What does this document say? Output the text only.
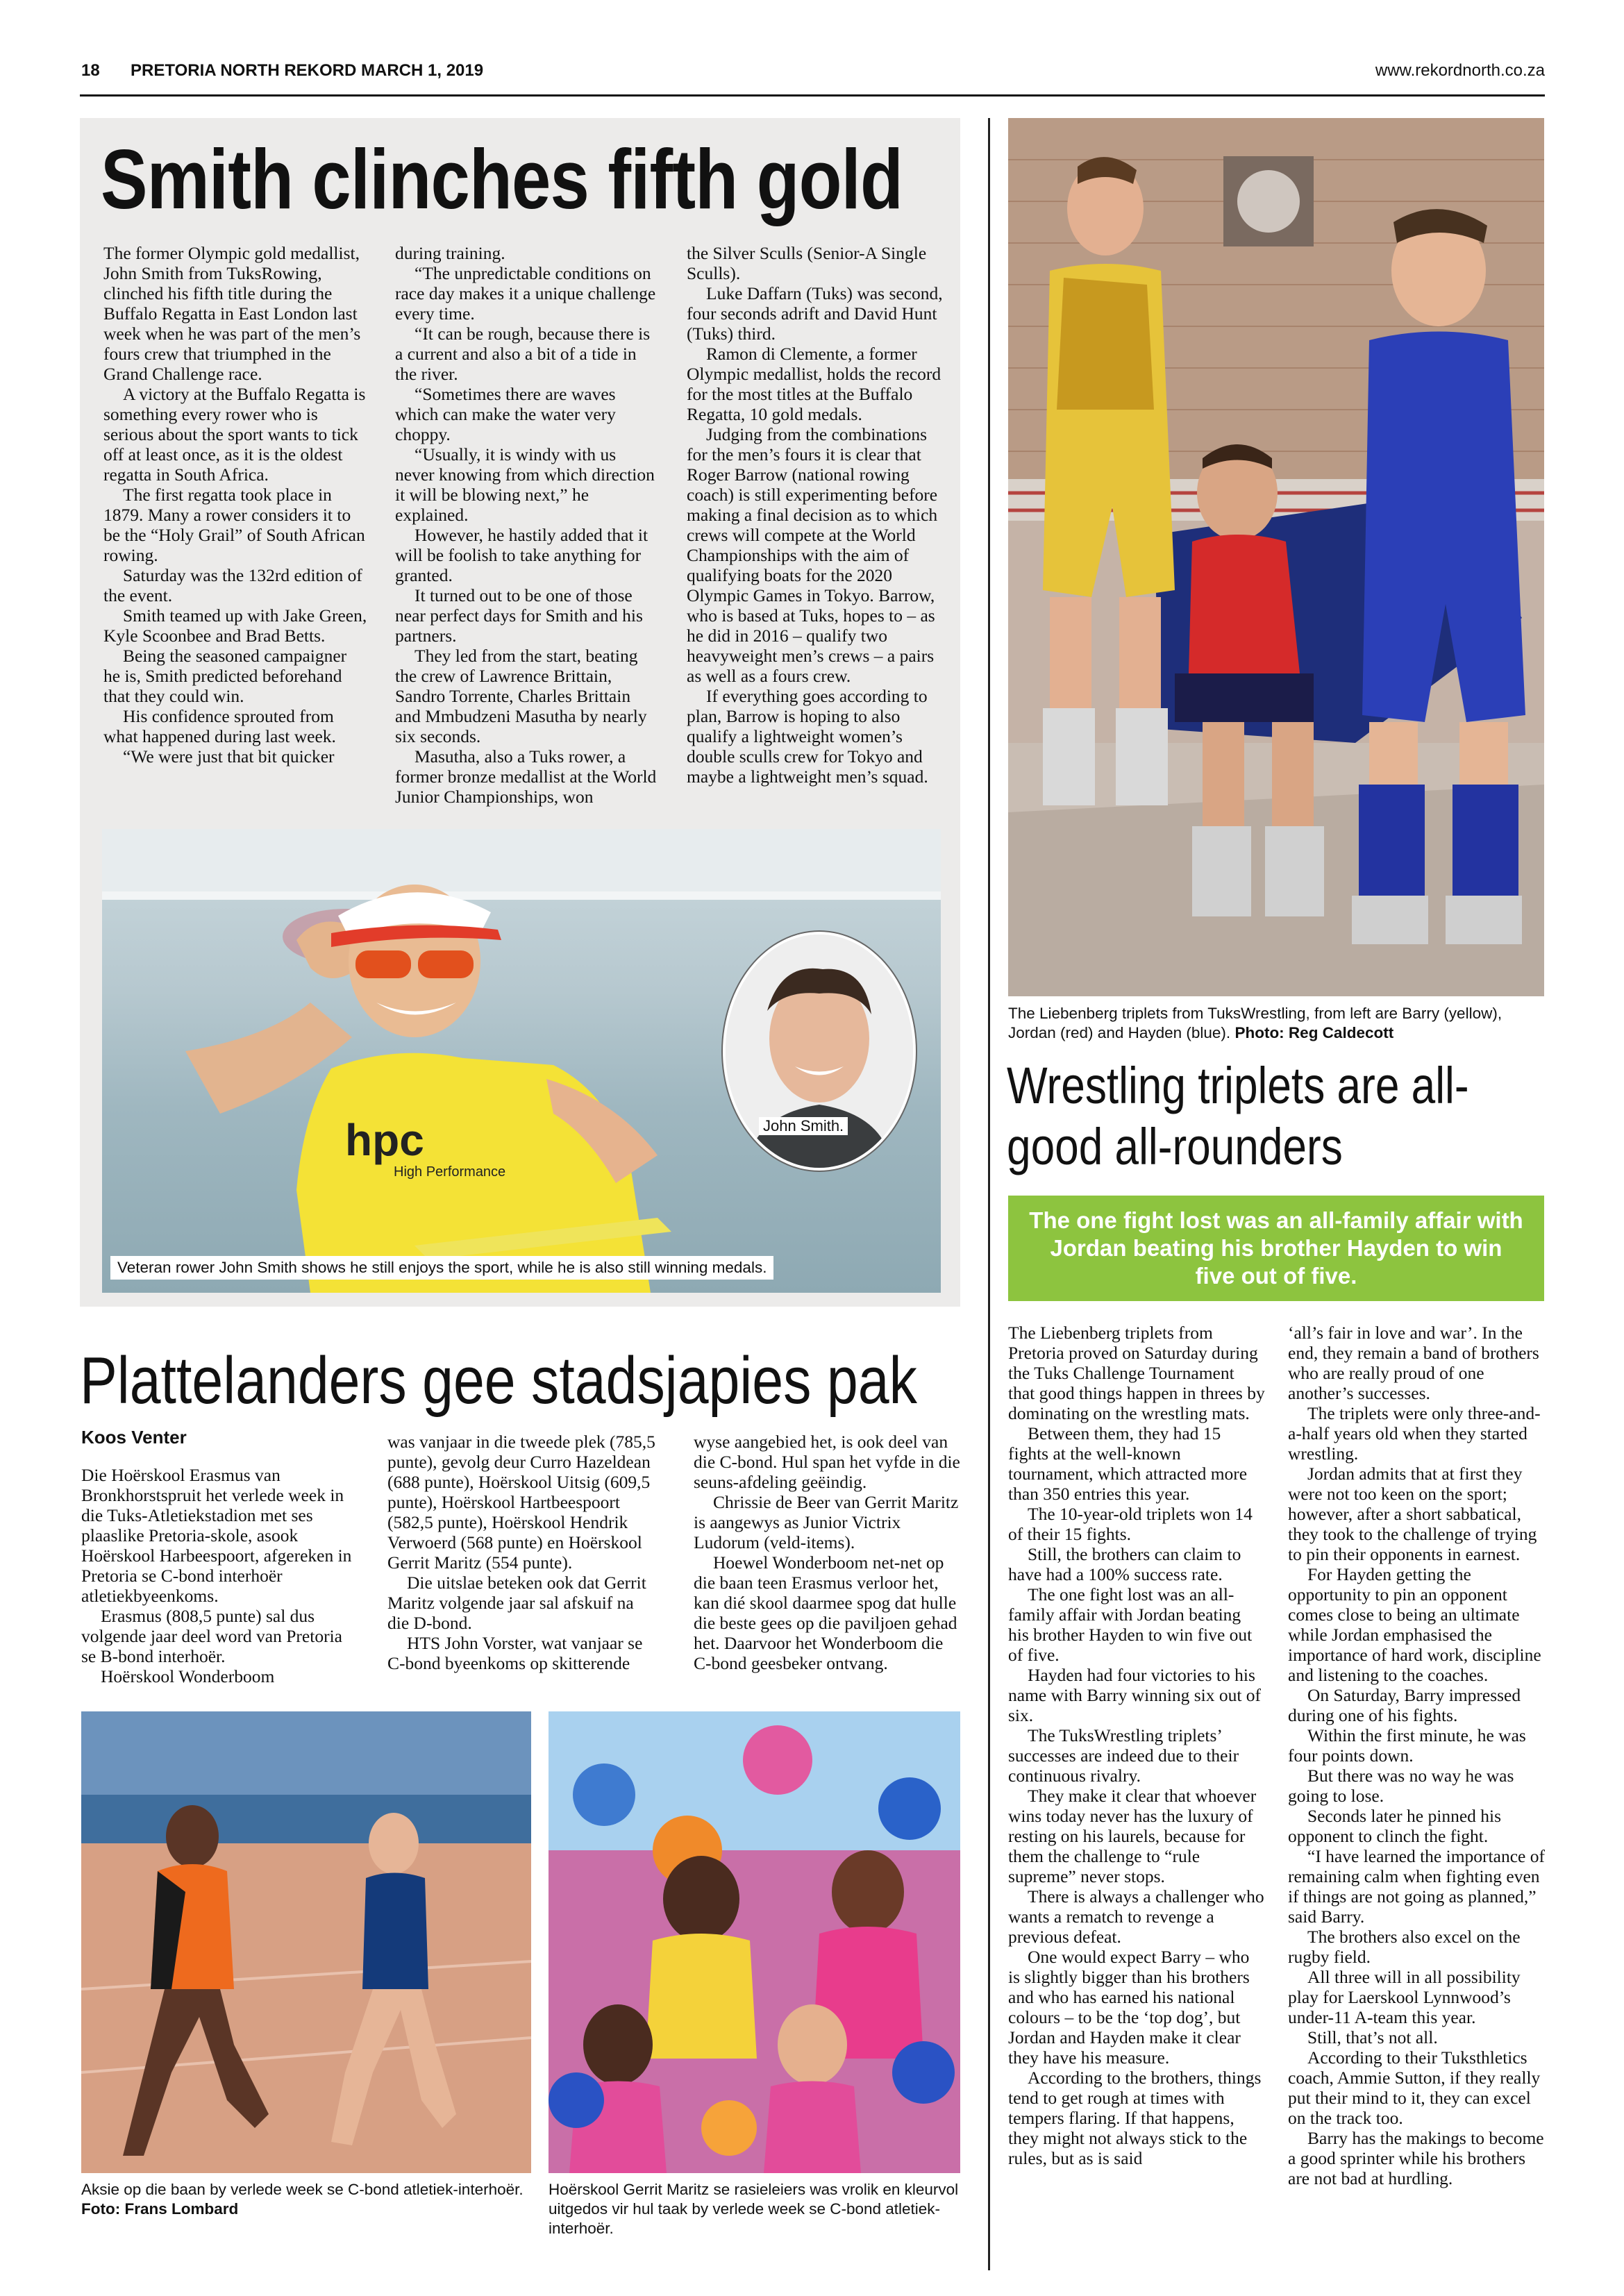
18 PRETORIA NORTH REKORD MARCH 1, 2019	www.rekordnorth.co.za
Smith clinches fifth gold

The former Olympic gold medallist, John Smith from TuksRowing, clinched his fifth title during the Buffalo Regatta in East London last week when he was part of the men’s fours crew that triumphed in the Grand Challenge race.

A victory at the Buffalo Regatta is something every rower who is serious about the sport wants to tick off at least once, as it is the oldest regatta in South Africa.

The first regatta took place in 1879. Many a rower considers it to be the “Holy Grail” of South African rowing.

Saturday was the 132rd edition of the event.

Smith teamed up with Jake Green, Kyle Scoonbee and Brad Betts.

Being the seasoned campaigner he is, Smith predicted beforehand that they could win.

His confidence sprouted from what happened during last week.

“We were just that bit quicker

during training.

“The unpredictable conditions on race day makes it a unique challenge every time.

“It can be rough, because there is a current and also a bit of a tide in the river.

“Sometimes there are waves which can make the water very choppy.

“Usually, it is windy with us never knowing from which direction it will be blowing next,” he explained.

However, he hastily added that it will be foolish to take anything for granted.

It turned out to be one of those near perfect days for Smith and his partners.

They led from the start, beating the crew of Lawrence Brittain, Sandro Torrente, Charles Brittain and Mmbudzeni Masutha by nearly six seconds.

Masutha, also a Tuks rower, a former bronze medallist at the World Junior Championships, won

the Silver Sculls (Senior-A Single Sculls).

Luke Daffarn (Tuks) was second, four seconds adrift and David Hunt (Tuks) third.

Ramon di Clemente, a former Olympic medallist, holds the record for the most titles at the Buffalo Regatta, 10 gold medals.

Judging from the combinations for the men’s fours it is clear that Roger Barrow (national rowing coach) is still experimenting before making a final decision as to which crews will compete at the World Championships with the aim of qualifying boats for the 2020 Olympic Games in Tokyo. Barrow, who is based at Tuks, hopes to – as he did in 2016 – qualify two heavyweight men’s crews – a pairs as well as a fours crew.

If everything goes according to plan, Barrow is hoping to also qualify a lightweight women’s double sculls crew for Tokyo and maybe a lightweight men’s squad.

hpc
High Performance
John Smith.
Veteran rower John Smith shows he still enjoys the sport, while he is also still winning medals.
The Liebenberg triplets from TuksWrestling, from left are Barry (yellow), Jordan (red) and Hayden (blue). Photo: Reg Caldecott
Wrestling triplets are all-good all-rounders
The one fight lost was an all-family affair with Jordan beating his brother Hayden to win five out of five.

The Liebenberg triplets from Pretoria proved on Saturday during the Tuks Challenge Tournament that good things happen in threes by dominating on the wrestling mats.

Between them, they had 15 fights at the well-known tournament, which attracted more than 350 entries this year.

The 10-year-old triplets won 14 of their 15 fights.

Still, the brothers can claim to have had a 100% success rate.

The one fight lost was an all-family affair with Jordan beating his brother Hayden to win five out of five.

Hayden had four victories to his name with Barry winning six out of six.

The TuksWrestling triplets’ successes are indeed due to their continuous rivalry.

They make it clear that whoever wins today never has the luxury of resting on his laurels, because for them the challenge to “rule supreme” never stops.

There is always a challenger who wants a rematch to revenge a previous defeat.

One would expect Barry – who is slightly bigger than his brothers and who has earned his national colours – to be the ‘top dog’, but Jordan and Hayden make it clear they have his measure.

According to the brothers, things tend to get rough at times with tempers flaring. If that happens, they might not always stick to the rules, but as is said

‘all’s fair in love and war’. In the end, they remain a band of brothers who are really proud of one another’s successes.

The triplets were only three-and-a-half years old when they started wrestling.

Jordan admits that at first they were not too keen on the sport; however, after a short sabbatical, they took to the challenge of trying to pin their opponents in earnest.

For Hayden getting the opportunity to pin an opponent comes close to being an ultimate while Jordan emphasised the importance of hard work, discipline and listening to the coaches.

On Saturday, Barry impressed during one of his fights.

Within the first minute, he was four points down.

But there was no way he was going to lose.

Seconds later he pinned his opponent to clinch the fight.

“I have learned the importance of remaining calm when fighting even if things are not going as planned,” said Barry.

The brothers also excel on the rugby field.

All three will in all possibility play for Laerskool Lynnwood’s under-11 A-team this year.

Still, that’s not all.

According to their Tuksthletics coach, Ammie Sutton, if they really put their mind to it, they can excel on the track too.

Barry has the makings to become a good sprinter while his brothers are not bad at hurdling.

Plattelanders gee stadsjapies pak
Koos Venter

Die Hoërskool Erasmus van Bronkhorstspruit het verlede week in die Tuks-Atletiekstadion met ses plaaslike Pretoria-skole, asook Hoërskool Harbeespoort, afgereken in Pretoria se C-bond interhoër atletiekbyeenkoms.

Erasmus (808,5 punte) sal dus volgende jaar deel word van Pretoria se B-bond interhoër.

Hoërskool Wonderboom

was vanjaar in die tweede plek (785,5 punte), gevolg deur Curro Hazeldean (688 punte), Hoërskool Uitsig (609,5 punte), Hoërskool Hartbeespoort (582,5 punte), Hoërskool Hendrik Verwoerd (568 punte) en Hoërskool Gerrit Maritz (554 punte).

Die uitslae beteken ook dat Gerrit Maritz volgende jaar sal afskuif na die D-bond.

HTS John Vorster, wat vanjaar se C-bond byeenkoms op skitterende

wyse aangebied het, is ook deel van die C-bond. Hul span het vyfde in die seuns-afdeling geëindig.

Chrissie de Beer van Gerrit Maritz is aangewys as Junior Victrix Ludorum (veld-items).

Hoewel Wonderboom net-net op die baan teen Erasmus verloor het, kan dié skool daarmee spog dat hulle die beste gees op die paviljoen gehad het. Daarvoor het Wonderboom die C-bond geesbeker ontvang.

Aksie op die baan by verlede week se C-bond atletiek-interhoër. Foto: Frans Lombard
Hoërskool Gerrit Maritz se rasieleiers was vrolik en kleurvol uitgedos vir hul taak by verlede week se C-bond atletiek-interhoër.
